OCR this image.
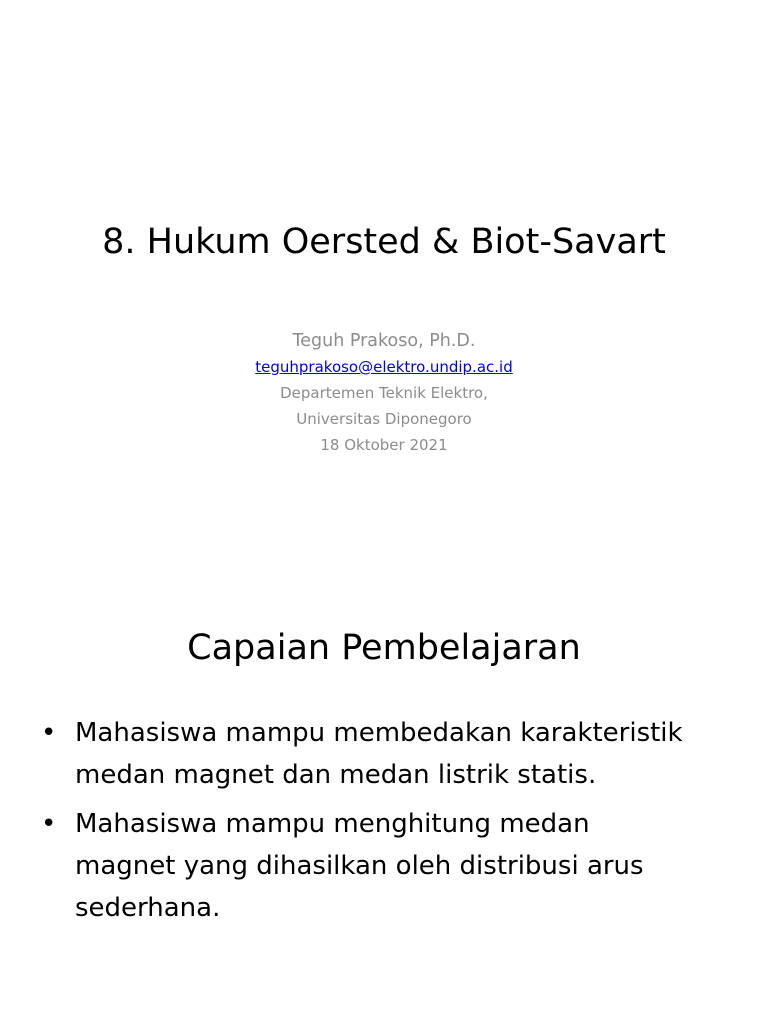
8. Hukum Oersted & Biot-Savart
Teguh Prakoso, Ph.D.
teguhprakoso@elektro.undip.ac.id
Departemen Teknik Elektro,
Universitas Diponegoro
18 Oktober 2021
Capaian Pembelajaran
• Mahasiswa mampu membedakan karakteristik
medan magnet dan medan listrik statis.
• Mahasiswa mampu menghitung medan
magnet yang dihasilkan oleh distribusi arus
sederhana.
